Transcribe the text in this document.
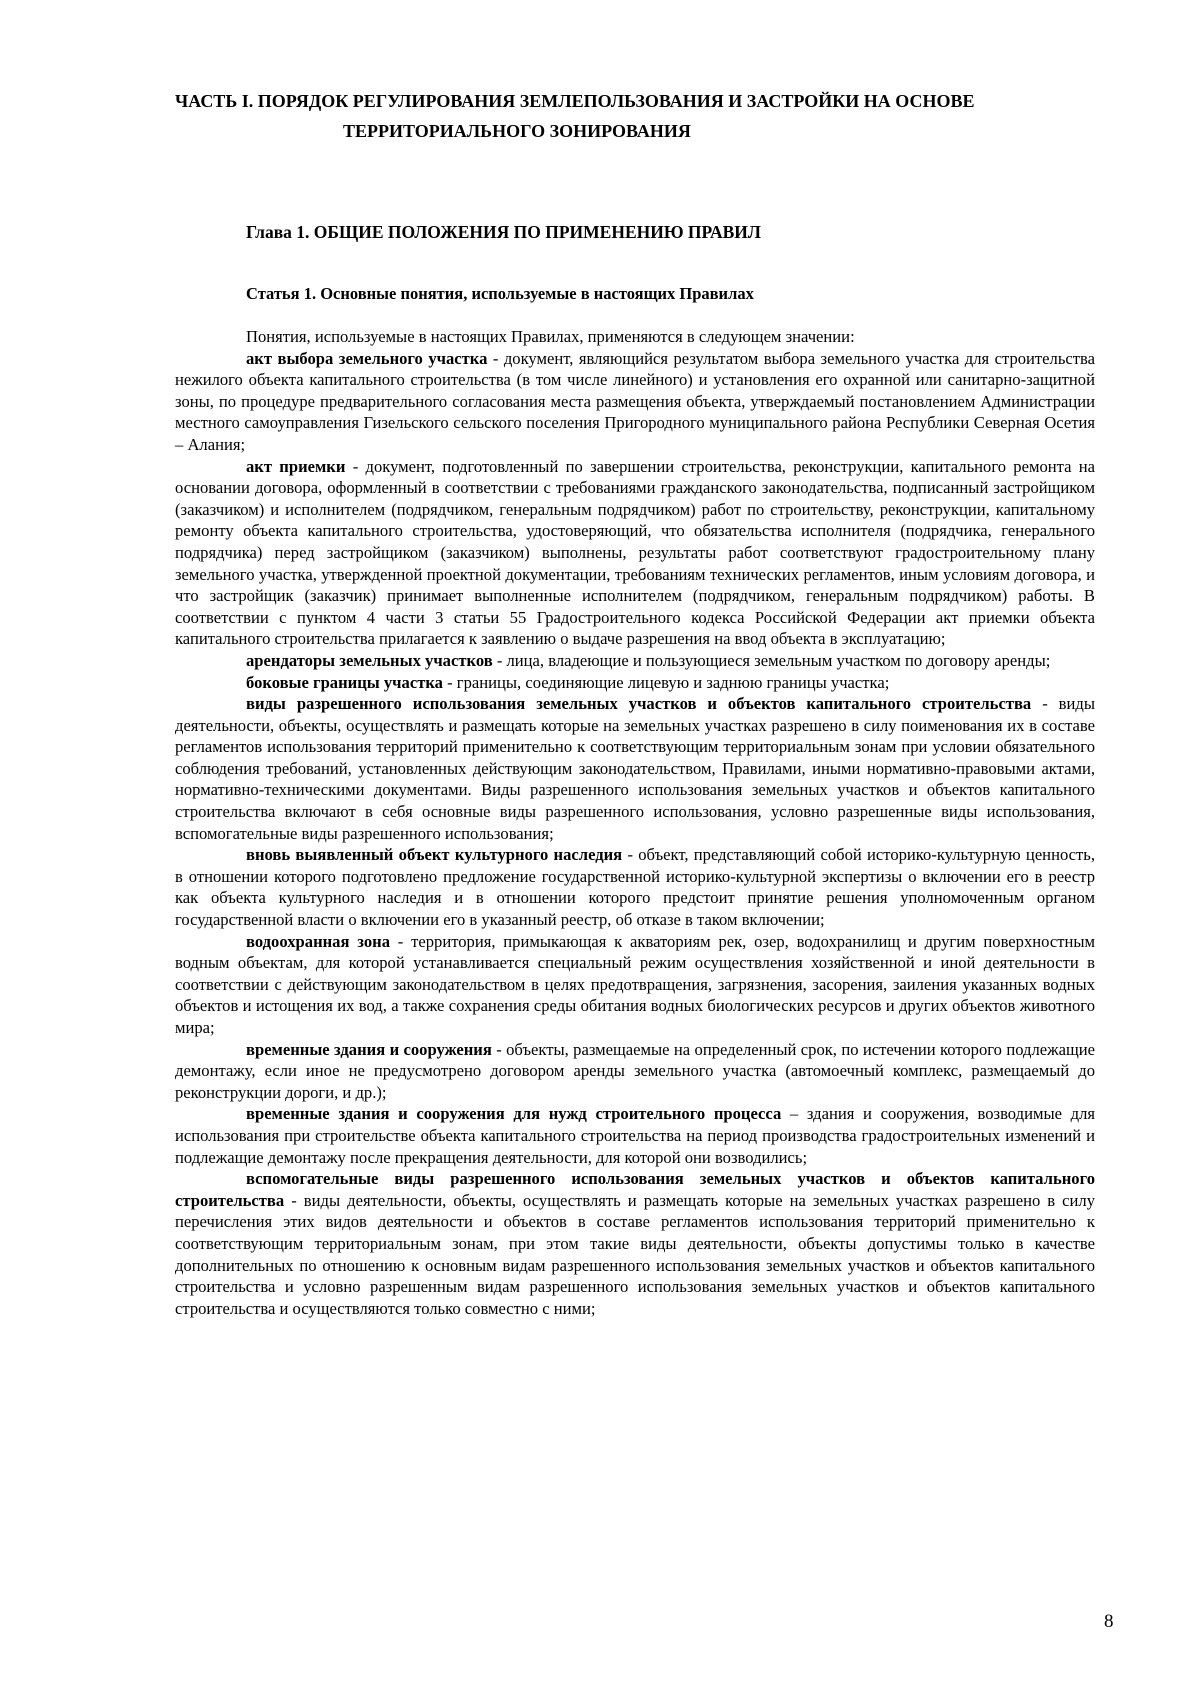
ЧАСТЬ I. ПОРЯДОК РЕГУЛИРОВАНИЯ ЗЕМЛЕПОЛЬЗОВАНИЯ И ЗАСТРОЙКИ НА ОСНОВЕ
ТЕРРИТОРИАЛЬНОГО ЗОНИРОВАНИЯ
Глава 1. ОБЩИЕ ПОЛОЖЕНИЯ ПО ПРИМЕНЕНИЮ ПРАВИЛ
Статья 1. Основные понятия, используемые в настоящих Правилах

Понятия, используемые в настоящих Правилах, применяются в следующем значении:

акт выбора земельного участка - документ, являющийся результатом выбора земельного участка для строительства нежилого объекта капитального строительства (в том числе линейного) и установления его охранной или санитарно-защитной зоны, по процедуре предварительного согласования места размещения объекта, утверждаемый постановлением Администрации местного самоуправления Гизельского сельского поселения Пригородного муниципального района Республики Северная Осетия – Алания;

акт приемки - документ, подготовленный по завершении строительства, реконструкции, капитального ремонта на основании договора, оформленный в соответствии с требованиями гражданского законодательства, подписанный застройщиком (заказчиком) и исполнителем (подрядчиком, генеральным подрядчиком) работ по строительству, реконструкции, капитальному ремонту объекта капитального строительства, удостоверяющий, что обязательства исполнителя (подрядчика, генерального подрядчика) перед застройщиком (заказчиком) выполнены, результаты работ соответствуют градостроительному плану земельного участка, утвержденной проектной документации, требованиям технических регламентов, иным условиям договора, и что застройщик (заказчик) принимает выполненные исполнителем (подрядчиком, генеральным подрядчиком) работы. В соответствии с пунктом 4 части 3 статьи 55 Градостроительного кодекса Российской Федерации акт приемки объекта капитального строительства прилагается к заявлению о выдаче разрешения на ввод объекта в эксплуатацию;

арендаторы земельных участков - лица, владеющие и пользующиеся земельным участком по договору аренды;

боковые границы участка - границы, соединяющие лицевую и заднюю границы участка;

виды разрешенного использования земельных участков и объектов капитального строительства - виды деятельности, объекты, осуществлять и размещать которые на земельных участках разрешено в силу поименования их в составе регламентов использования территорий применительно к соответствующим территориальным зонам при условии обязательного соблюдения требований, установленных действующим законодательством, Правилами, иными нормативно-правовыми актами, нормативно-техническими документами. Виды разрешенного использования земельных участков и объектов капитального строительства включают в себя основные виды разрешенного использования, условно разрешенные виды использования, вспомогательные виды разрешенного использования;

вновь выявленный объект культурного наследия - объект, представляющий собой историко-культурную ценность, в отношении которого подготовлено предложение государственной историко-культурной экспертизы о включении его в реестр как объекта культурного наследия и в отношении которого предстоит принятие решения уполномоченным органом государственной власти о включении его в указанный реестр, об отказе в таком включении;

водоохранная зона - территория, примыкающая к акваториям рек, озер, водохранилищ и другим поверхностным водным объектам, для которой устанавливается специальный режим осуществления хозяйственной и иной деятельности в соответствии с действующим законодательством в целях предотвращения, загрязнения, засорения, заиления указанных водных объектов и истощения их вод, а также сохранения среды обитания водных биологических ресурсов и других объектов животного мира;

временные здания и сооружения - объекты, размещаемые на определенный срок, по истечении которого подлежащие демонтажу, если иное не предусмотрено договором аренды земельного участка (автомоечный комплекс, размещаемый до реконструкции дороги, и др.);

временные здания и сооружения для нужд строительного процесса – здания и сооружения, возводимые для использования при строительстве объекта капитального строительства на период производства градостроительных изменений и подлежащие демонтажу после прекращения деятельности, для которой они возводились;

вспомогательные виды разрешенного использования земельных участков и объектов капитального строительства - виды деятельности, объекты, осуществлять и размещать которые на земельных участках разрешено в силу перечисления этих видов деятельности и объектов в составе регламентов использования территорий применительно к соответствующим территориальным зонам, при этом такие виды деятельности, объекты допустимы только в качестве дополнительных по отношению к основным видам разрешенного использования земельных участков и объектов капитального строительства и условно разрешенным видам разрешенного использования земельных участков и объектов капитального строительства и осуществляются только совместно с ними;

8
